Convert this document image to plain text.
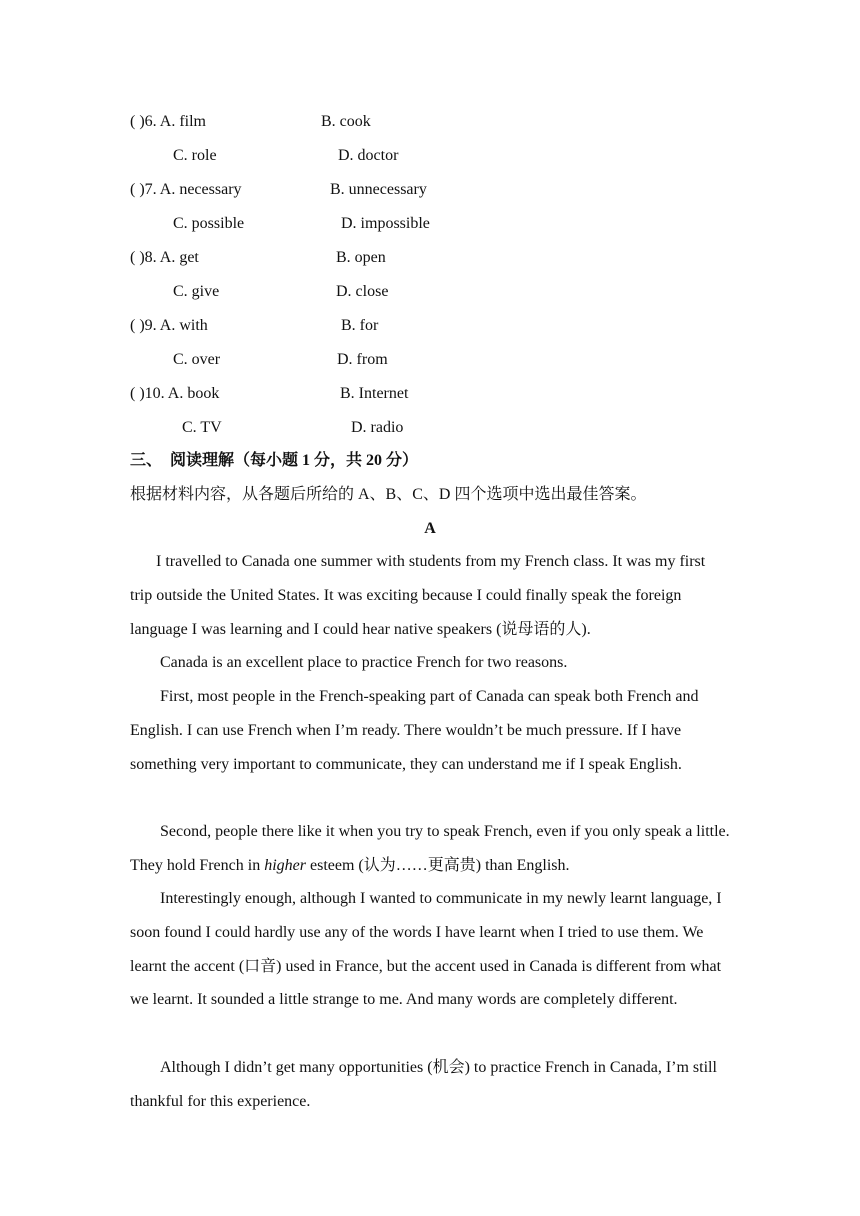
( )6. A. film	B. cook
C. role	D. doctor
( )7. A. necessary	B. unnecessary
C. possible	D. impossible
( )8. A. get	B. open
C. give	D. close
( )9. A. with	B. for
C. over	D. from
( )10. A. book	B. Internet
C. TV	D. radio
三、 阅读理解（每小题 1 分，共 20 分）
根据材料内容，从各题后所给的 A、B、C、D 四个选项中选出最佳答案。
A
I travelled to Canada one summer with students from my French class. It was my first trip outside the United States. It was exciting because I could finally speak the foreign language I was learning and I could hear native speakers (说母语的人).
Canada is an excellent place to practice French for two reasons.
First, most people in the French-speaking part of Canada can speak both French and English. I can use French when I’m ready. There wouldn’t be much pressure. If I have something very important to communicate, they can understand me if I speak English.
Second, people there like it when you try to speak French, even if you only speak a little. They hold French in higher esteem (认为……更高贵) than English.
Interestingly enough, although I wanted to communicate in my newly learnt language, I soon found I could hardly use any of the words I have learnt when I tried to use them. We learnt the accent (口音) used in France, but the accent used in Canada is different from what we learnt. It sounded a little strange to me. And many words are completely different.
Although I didn’t get many opportunities (机会) to practice French in Canada, I’m still thankful for this experience.
